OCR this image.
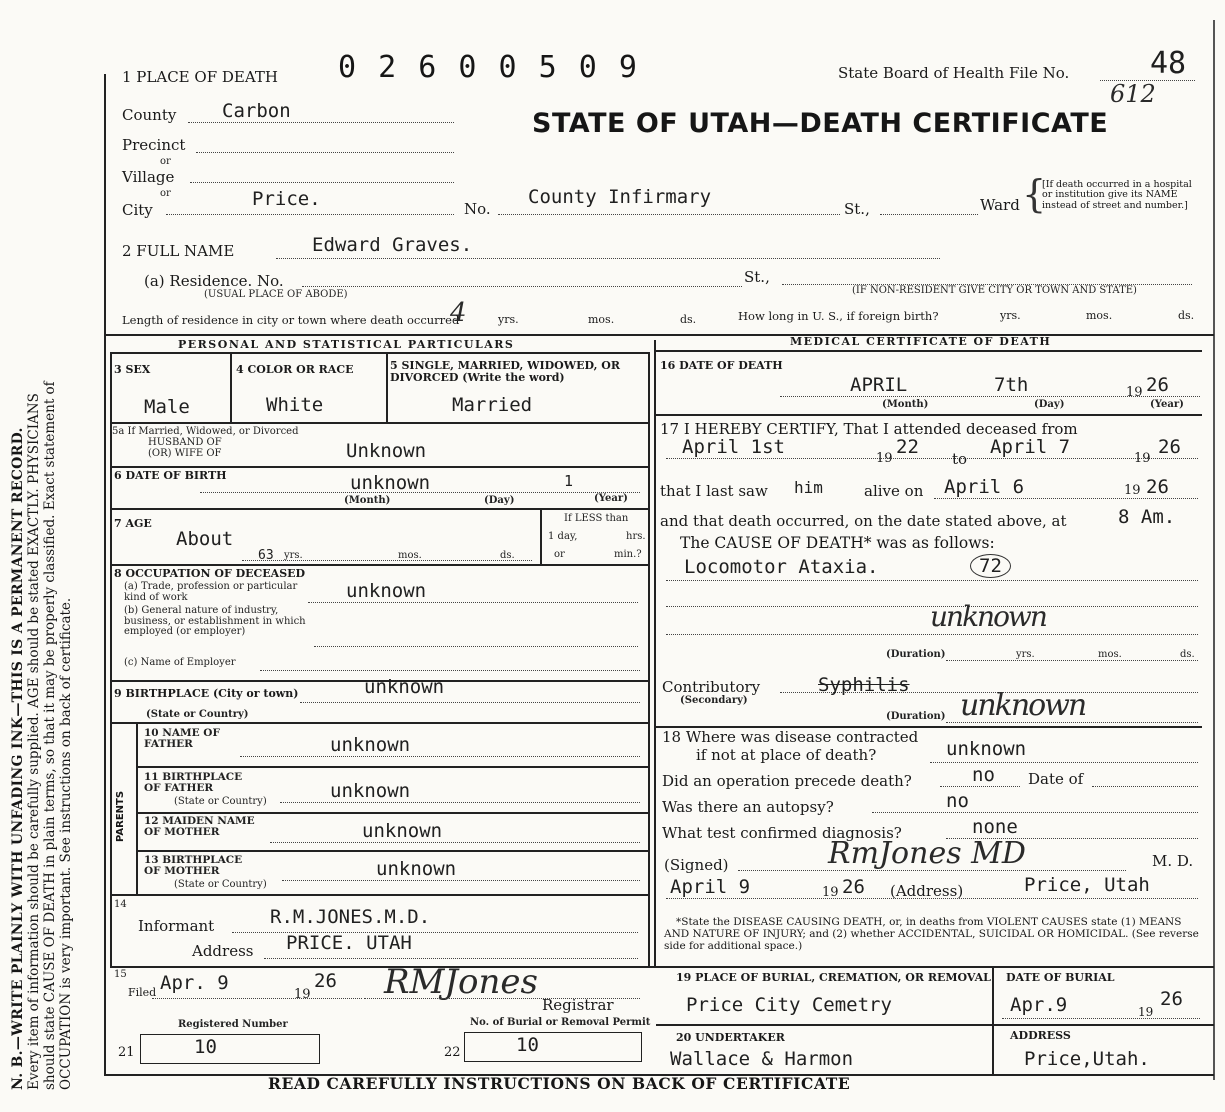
N. B.—WRITE PLAINLY WITH UNFADING INK—THIS IS A PERMANENT RECORD. Every item of information should be carefully supplied. AGE should be stated EXACTLY. PHYSICIANS should state CAUSE OF DEATH in plain terms, so that it may be properly classified. Exact statement of OCCUPATION is very important. See instructions on back of certificate.
1 PLACE OF DEATH 0 2 6 0 0 5 0 9	State Board of Health File No.	48
612
STATE OF UTAH—DEATH CERTIFICATE
County Carbon
Precinct
or
Village
or
City	Price.	No.
County Infirmary
St.,	Ward {
[If death occurred in a hospital or institution give its NAME instead of street and number.]
2 FULL NAME	Edward Graves.
(a) Residence. No.
(USUAL PLACE OF ABODE)
St.,
(IF NON-RESIDENT GIVE CITY OR TOWN AND STATE)
Length of residence in city or town where death occurred
4	yrs.	mos.	ds.	How long in U. S., if foreign birth?	yrs.	mos.	ds.
PERSONAL AND STATISTICAL PARTICULARS	MEDICAL CERTIFICATE OF DEATH
3 SEX
Male
4 COLOR OR RACE
White
5 SINGLE, MARRIED, WIDOWED, OR DIVORCED (Write the word)
Married
5a If Married, Widowed, or Divorced
HUSBAND OF
(OR) WIFE OF	Unknown
6 DATE OF BIRTH	unknown	1
(Month)	(Day)	(Year)
7 AGE
About
63 yrs.	mos.	ds.
If LESS than
1 day,	hrs.
or	min.?
8 OCCUPATION OF DECEASED
(a) Trade, profession or particular kind of work
(b) General nature of industry, business, or establishment in which employed (or employer)
unknown
(c) Name of Employer
9 BIRTHPLACE (City or town)	unknown
(State or Country)
PARENTS
10 NAME OF FATHER	unknown
11 BIRTHPLACE OF FATHER
(State or Country)	unknown
12 MAIDEN NAME OF MOTHER	unknown
13 BIRTHPLACE OF MOTHER
(State or Country)
unknown
14
Informant	R.M.JONES.M.D.
Address PRICE. UTAH
15
Filed Apr. 9
19
26 RMJones
Registrar
Registered Number	No. of Burial or Removal Permit
21	10	22	10
16 DATE OF DEATH
APRIL	7th	19 26
(Month)	(Day)	(Year)
17 I HEREBY CERTIFY, That I attended deceased from
April 1st
19
22
to
April 7
19
26
that I last saw him	alive on April 6	19 26
and that death occurred, on the date stated above, at	8 Am.
The CAUSE OF DEATH* was as follows:
Locomotor Ataxia.	72
unknown
(Duration)	yrs.	mos.	ds.
Contributory
(Secondary)
Syphilis
(Duration) unknown
18 Where was disease contracted
if not at place of death?	unknown
Did an operation precede death?	no Date of
Was there an autopsy?	no
What test confirmed diagnosis?	none
(Signed)	RmJones MD	M. D.
April 9	19 26 (Address)	Price, Utah
*State the DISEASE CAUSING DEATH, or, in deaths from VIOLENT CAUSES state (1) MEANS AND NATURE OF INJURY; and (2) whether ACCIDENTAL, SUICIDAL OR HOMICIDAL. (See reverse side for additional space.)
19 PLACE OF BURIAL, CREMATION, OR REMOVAL
Price City Cemetry
DATE OF BURIAL
Apr.9	19
26
20 UNDERTAKER
Wallace & Harmon
ADDRESS
Price,Utah.
READ CAREFULLY INSTRUCTIONS ON BACK OF CERTIFICATE
